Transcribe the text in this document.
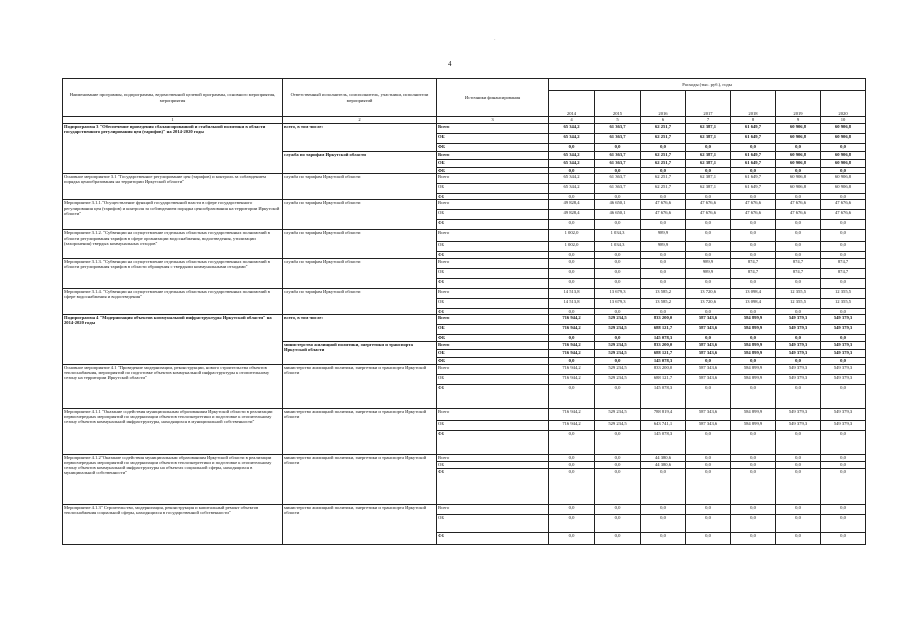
4
·
Наименование программы, подпрограммы, ведомственной целевой программы, основного мероприятия, мероприятия	Ответственный исполнитель, соисполнитель, участники, исполнители мероприятий	Источники финансирования	Расходы (тыс. руб.), годы						
			2014	2015	2016	2017	2018	2019	2020
1	2	3	4	5	6	7	8	9	10
Подпрограмма 3 "Обеспечение проведения сбалансированной и стабильной политики в области государственного регулирования цен (тарифов)" на 2014-2020 годы	всего, в том числе:	Всего	65 344,2	61 363,7	62 251,7	62 387,1	61 649,7	60 906,8	60 906,8
		ОБ	65 344,2	61 363,7	62 251,7	62 387,1	61 649,7	60 906,8	60 906,8
		ФБ	0,0	0,0	0,0	0,0	0,0	0,0	0,0
	служба по тарифам Иркутской области	Всего	65 344,2	61 363,7	62 251,7	62 387,1	61 649,7	60 906,8	60 906,8
		ОБ	65 344,2	61 363,7	62 251,7	62 387,1	61 649,7	60 906,8	60 906,8
		ФБ	0,0	0,0	0,0	0,0	0,0	0,0	0,0
Основное мероприятие 3.1 "Государственное регулирование цен (тарифов) и контроль за соблюдением порядка ценообразования на территории Иркутской области"	служба по тарифам Иркутской области	Всего	65 344,2	61 363,7	62 251,7	62 387,1	61 649,7	60 906,8	60 906,8
		ОБ	65 344,2	61 363,7	62 251,7	62 387,1	61 649,7	60 906,8	60 906,8
		ФБ	0,0	0,0	0,0	0,0	0,0	0,0	0,0
Мероприятие 3.1.1."Осуществление функций государственной власти в сфере государственного регулирования цен (тарифов) и контроля за соблюдением порядка ценообразования на территории Иркутской области"	служба по тарифам Иркутской области	Всего	49 828,4	46 650,1	47 676,6	47 676,6	47 676,6	47 676,6	47 676,6
		ОБ	49 828,4	46 650,1	47 676,6	47 676,6	47 676,6	47 676,6	47 676,6
		ФБ	0,0	0,0	0,0	0,0	0,0	0,0	0,0
Мероприятие 3.1.2. "Субвенции на осуществление отдельных областных государственных полномочий в области регулирования тарифов в сфере организации водоснабжения, водоотведения, утилизации (захоронения) твердых коммунальных отходов"	служба по тарифам Иркутской области	Всего	1 002,0	1 034,3	989,9	0,0	0,0	0,0	0,0
		ОБ	1 002,0	1 034,3	989,9	0,0	0,0	0,0	0,0
		ФБ	0,0	0,0	0,0	0,0	0,0	0,0	0,0
Мероприятие 3.1.3. "Субвенции на осуществление отдельных областных государственных полномочий в области регулирования тарифов в области обращения с твердыми коммунальными отходами"	служба по тарифам Иркутской области	Всего	0,0	0,0	0,0	989,9	874,7	874,7	874,7
		ОБ	0,0	0,0	0,0	989,9	874,7	874,7	874,7
		ФБ	0,0	0,0	0,0	0,0	0,0	0,0	0,0
Мероприятие 3.1.4. "Субвенции на осуществление отдельных областных государственных полномочий в сфере водоснабжения и водоотведения"	служба по тарифам Иркутской области	Всего	14 513,8	13 679,3	13 585,2	13 720,6	13 098,4	12 355,5	12 355,5
		ОБ	14 513,8	13 679,3	13 585,2	13 720,6	13 098,4	12 355,5	12 355,5
		ФБ	0,0	0,0	0,0	0,0	0,0	0,0	0,0
Подпрограмма 4 "Модернизация объектов коммунальной инфраструктуры Иркутской области" на 2014-2020 годы	всего, в том числе:	Всего	716 944,2	529 234,5	833 200,0	587 343,6	584 899,9	549 379,3	549 379,3
		ОБ	716 944,2	529 234,5	688 121,7	587 343,6	584 899,9	549 379,3	549 379,3
		ФБ	0,0	0,0	145 078,3	0,0	0,0	0,0	0,0
	министерство жилищной политики, энергетики и транспорта Иркутской области	Всего	716 944,2	529 234,5	833 200,0	587 343,6	584 899,9	549 379,3	549 379,3
		ОБ	716 944,2	529 234,5	688 121,7	587 343,6	584 899,9	549 379,3	549 379,3
		ФБ	0,0	0,0	145 078,3	0,0	0,0	0,0	0,0
Основное мероприятие 4.1 "Проведение модернизации, реконструкции, нового строительства объектов теплоснабжения, мероприятий по подготовке объектов коммунальной инфраструктуры к отопительному сезону на территории Иркутской области"	министерство жилищной политики, энергетики и транспорта Иркутской области	Всего	716 944,2	529 234,5	833 200,0	587 343,6	584 899,9	549 379,3	549 379,3
		ОБ	716 944,2	529 234,5	688 121,7	587 343,6	584 899,9	549 379,3	549 379,3
		ФБ	0,0	0,0	145 078,3	0,0	0,0	0,0	0,0
Мероприятие 4.1.1 "Оказание содействия муниципальным образованиям Иркутской области в реализации первоочередных мероприятий по модернизации объектов теплоэнергетики и подготовке к отопительному сезону объектов коммунальной инфраструктуры, находящихся в муниципальной собственности"	министерство жилищной политики, энергетики и транспорта Иркутской области	Всего	716 944,2	529 234,5	788 819,4	587 343,6	584 899,9	549 379,3	549 379,3
		ОБ	716 944,2	529 234,5	643 741,1	587 343,6	584 899,9	549 379,3	549 379,3
		ФБ	0,0	0,0	145 078,3	0,0	0,0	0,0	0,0
Мероприятие 4.1.2"Оказание содействия муниципальным образованиям Иркутской области в реализации первоочередных мероприятий по модернизации объектов теплоэнергетики и подготовке к отопительному сезону объектов коммунальной инфраструктуры на объектах социальной сферы, находящихся в муниципальной собственности"	министерство жилищной политики, энергетики и транспорта Иркутской области	Всего	0,0	0,0	44 380,6	0,0	0,0	0,0	0,0
		ОБ	0,0	0,0	44 380,6	0,0	0,0	0,0	0,0
		ФБ	0,0	0,0	0,0	0,0	0,0	0,0	0,0
Мероприятие 4.1.3" Строительство, модернизация, реконструкция и капитальный ремонт объектов теплоснабжения социальной сферы, находящихся в государственной собственности"	министерство жилищной политики, энергетики и транспорта Иркутской области	Всего	0,0	0,0	0,0	0,0	0,0	0,0	0,0
		ОБ	0,0	0,0	0,0	0,0	0,0	0,0	0,0
		ФБ	0,0	0,0	0,0	0,0	0,0	0,0	0,0
